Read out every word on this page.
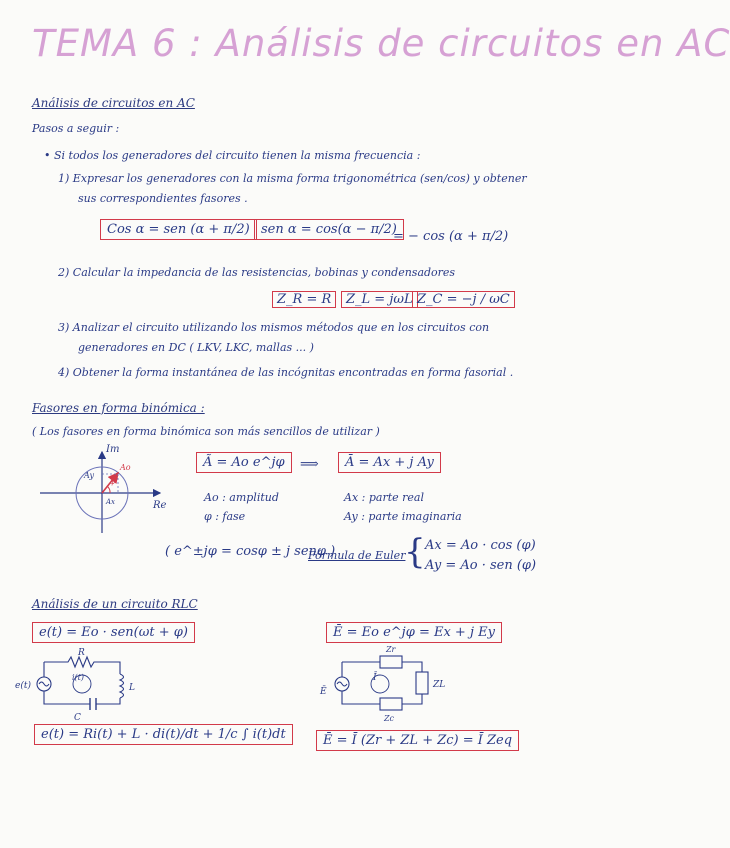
TEMA 6 : Análisis de circuitos en AC
Análisis de circuitos en AC
Pasos a seguir :
• Si todos los generadores del circuito tienen la misma frecuencia :
1) Expresar los generadores con la misma forma trigonométrica (sen/cos) y obtener
sus correspondientes fasores .
Cos α = sen (α + π/2) sen α = cos(α − π/2)
= − cos (α + π/2)
2) Calcular la impedancia de las resistencias, bobinas y condensadores
Z_R = R	Z_L = jωL Z_C = −j / ωC
3) Analizar el circuito utilizando los mismos métodos que en los circuitos con
generadores en DC ( LKV, LKC, mallas ... )
4) Obtener la forma instantánea de las incógnitas encontradas en forma fasorial .
Fasores en forma binómica :
( Los fasores en forma binómica son más sencillos de utilizar )
Im
Re
Ay
Ao
φ
Ax
Ã = Ao e^jφ	⟹	Ā = Ax + j Ay
Ao : amplitud
φ : fase
Ax : parte real
Ay : parte imaginaria
( e^±jφ = cosφ ± j senφ )
Fórmula de Euler
{ Ax = Ao · cos (φ)
Ay = Ao · sen (φ)
Análisis de un circuito RLC
e(t) = Eo · sen(ωt + φ)	Ē = Eo e^jφ = Ex + j Ey
R
L
C
e(t)
i(t)
Zr
ZL
Zc
Ē
Ī
e(t) = Ri(t) + L · di(t)/dt + 1/c ∫ i(t)dt	Ē = Ī (Zr + ZL + Zc) = Ī Zeq
